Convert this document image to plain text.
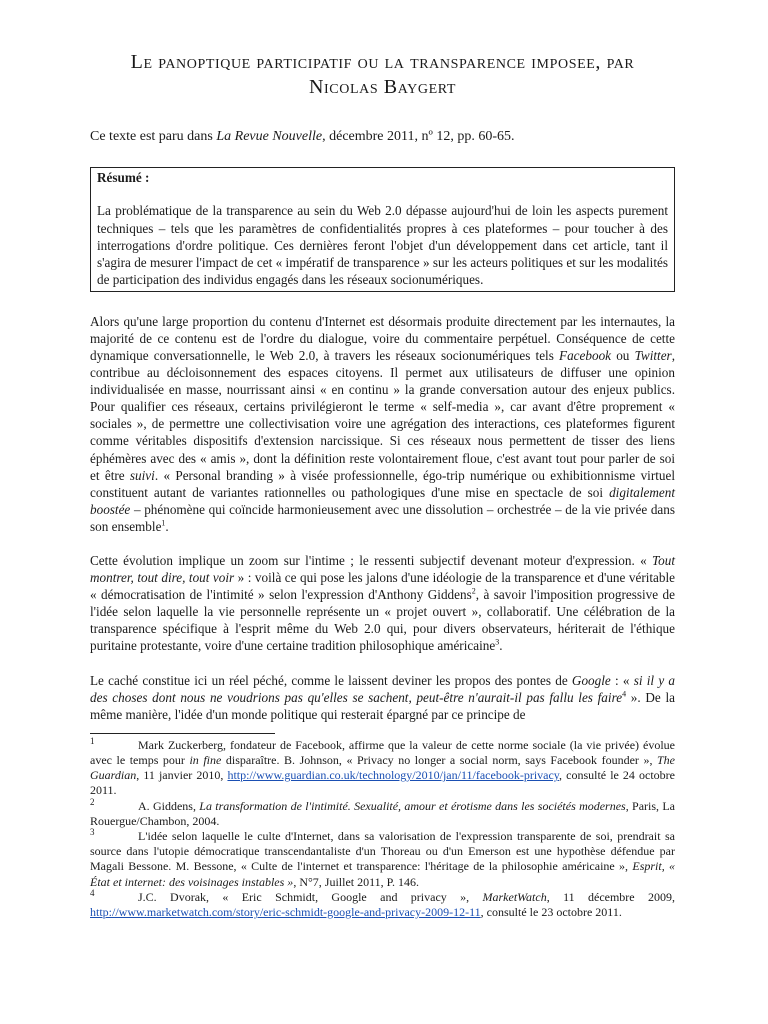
Le panoptique participatif ou la transparence imposee, par
Nicolas Baygert

Ce texte est paru dans La Revue Nouvelle, décembre 2011, nº 12, pp. 60-65.

Résumé :

La problématique de la transparence au sein du Web 2.0 dépasse aujourd'hui de loin les aspects purement techniques – tels que les paramètres de confidentialités propres à ces plateformes – pour toucher à des interrogations d'ordre politique. Ces dernières feront l'objet d'un développement dans cet article, tant il s'agira de mesurer l'impact de cet « impératif de transparence » sur les acteurs politiques et sur les modalités de participation des individus engagés dans les réseaux socionumériques.

Alors qu'une large proportion du contenu d'Internet est désormais produite directement par les internautes, la majorité de ce contenu est de l'ordre du dialogue, voire du commentaire perpétuel. Conséquence de cette dynamique conversationnelle, le Web 2.0, à travers les réseaux socionumériques tels Facebook ou Twitter, contribue au décloisonnement des espaces citoyens. Il permet aux utilisateurs de diffuser une opinion individualisée en masse, nourrissant ainsi « en continu » la grande conversation autour des enjeux publics. Pour qualifier ces réseaux, certains privilégieront le terme « self-media », car avant d'être proprement « sociales », de permettre une collectivisation voire une agrégation des interactions, ces plateformes figurent comme véritables dispositifs d'extension narcissique. Si ces réseaux nous permettent de tisser des liens éphémères avec des « amis », dont la définition reste volontairement floue, c'est avant tout pour parler de soi et être suivi. « Personal branding » à visée professionnelle, égo-trip numérique ou exhibitionnisme virtuel constituent autant de variantes rationnelles ou pathologiques d'une mise en spectacle de soi digitalement boostée – phénomène qui coïncide harmonieusement avec une dissolution – orchestrée – de la vie privée dans son ensemble$^1$.

Cette évolution implique un zoom sur l'intime ; le ressenti subjectif devenant moteur d'expression. « Tout montrer, tout dire, tout voir » : voilà ce qui pose les jalons d'une idéologie de la transparence et d'une véritable « démocratisation de l'intimité » selon l'expression d'Anthony Giddens$^2$, à savoir l'imposition progressive de l'idée selon laquelle la vie personnelle représente un « projet ouvert », collaboratif. Une célébration de la transparence spécifique à l'esprit même du Web 2.0 qui, pour divers observateurs, hériterait de l'éthique puritaine protestante, voire d'une certaine tradition philosophique américaine$^3$.

Le caché constitue ici un réel péché, comme le laissent deviner les propos des pontes de Google : « si il y a des choses dont nous ne voudrions pas qu'elles se sachent, peut-être n'aurait-il pas fallu les faire$^4$ ». De la même manière, l'idée d'un monde politique qui resterait épargné par ce principe de

1	Mark Zuckerberg, fondateur de Facebook, affirme que la valeur de cette norme sociale (la vie privée) évolue avec le temps pour in fine disparaître. B. Johnson, « Privacy no longer a social norm, says Facebook founder », The Guardian, 11 janvier 2010, http://www.guardian.co.uk/technology/2010/jan/11/facebook-privacy, consulté le 24 octobre 2011.

2	A. Giddens, La transformation de l'intimité. Sexualité, amour et érotisme dans les sociétés modernes, Paris, La Rouergue/Chambon, 2004.

3	L'idée selon laquelle le culte d'Internet, dans sa valorisation de l'expression transparente de soi, prendrait sa source dans l'utopie démocratique transcendantaliste d'un Thoreau ou d'un Emerson est une hypothèse défendue par Magali Bessone. M. Bessone, « Culte de l'internet et transparence: l'héritage de la philosophie américaine », Esprit, « État et internet: des voisinages instables », N°7, Juillet 2011, P. 146.

4	J.C. Dvorak, « Eric Schmidt, Google and privacy », MarketWatch, 11 décembre 2009, http://www.marketwatch.com/story/eric-schmidt-google-and-privacy-2009-12-11, consulté le 23 octobre 2011.
